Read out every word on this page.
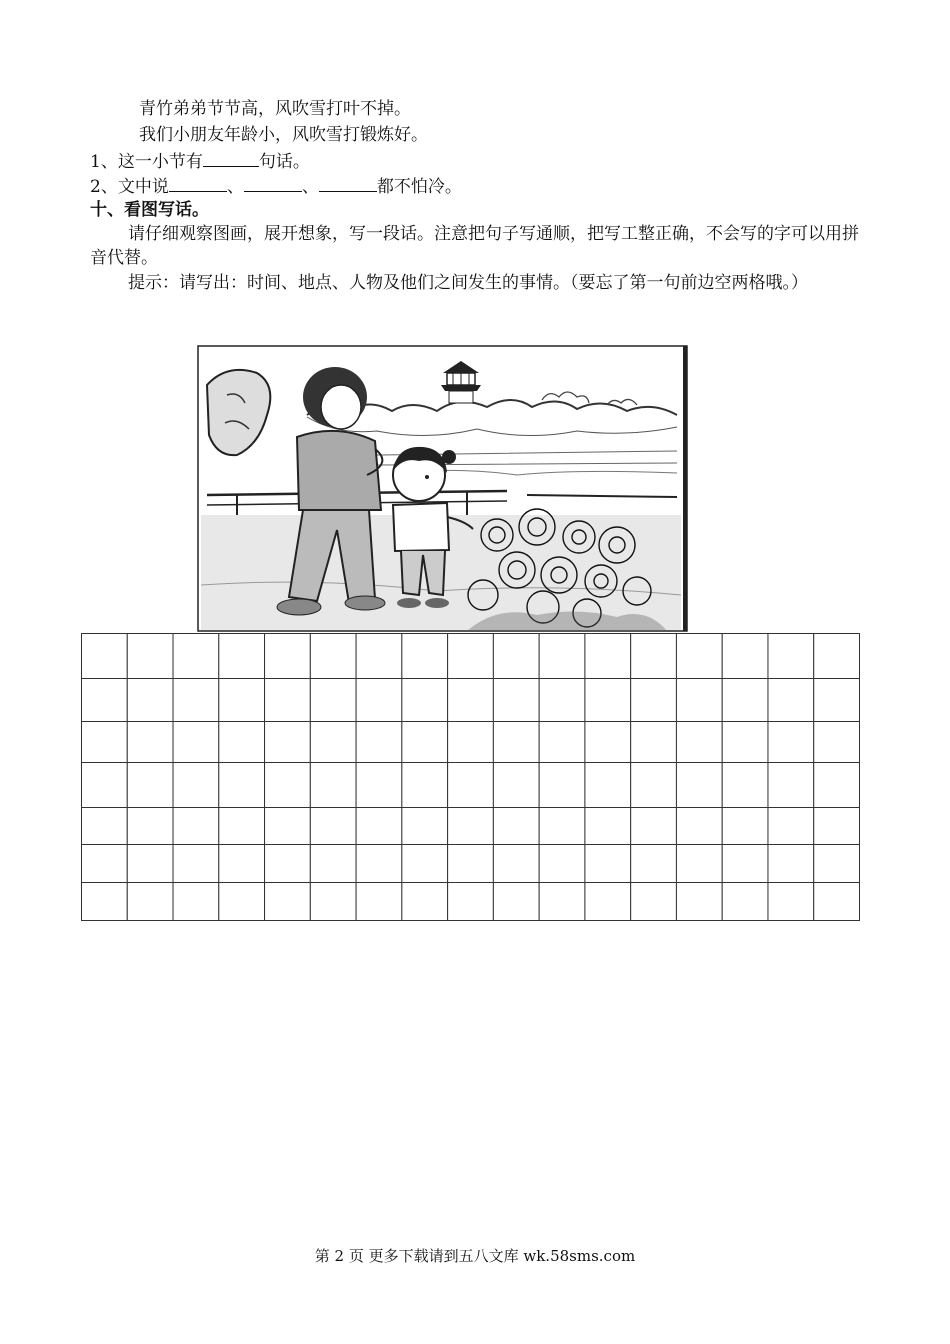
青竹弟弟节节高，风吹雪打叶不掉。
我们小朋友年龄小，风吹雪打锻炼好。
1、这一小节有	句话。
2、文中说	、	、	都不怕冷。
十、看图写话。
请仔细观察图画，展开想象，写一段话。注意把句子写通顺，把写工整正确，不会写的字可以用拼音代替。
提示：请写出：时间、地点、人物及他们之间发生的事情。（要忘了第一句前边空两格哦。）
第 2 页 更多下载请到五八文库 wk.58sms.com
